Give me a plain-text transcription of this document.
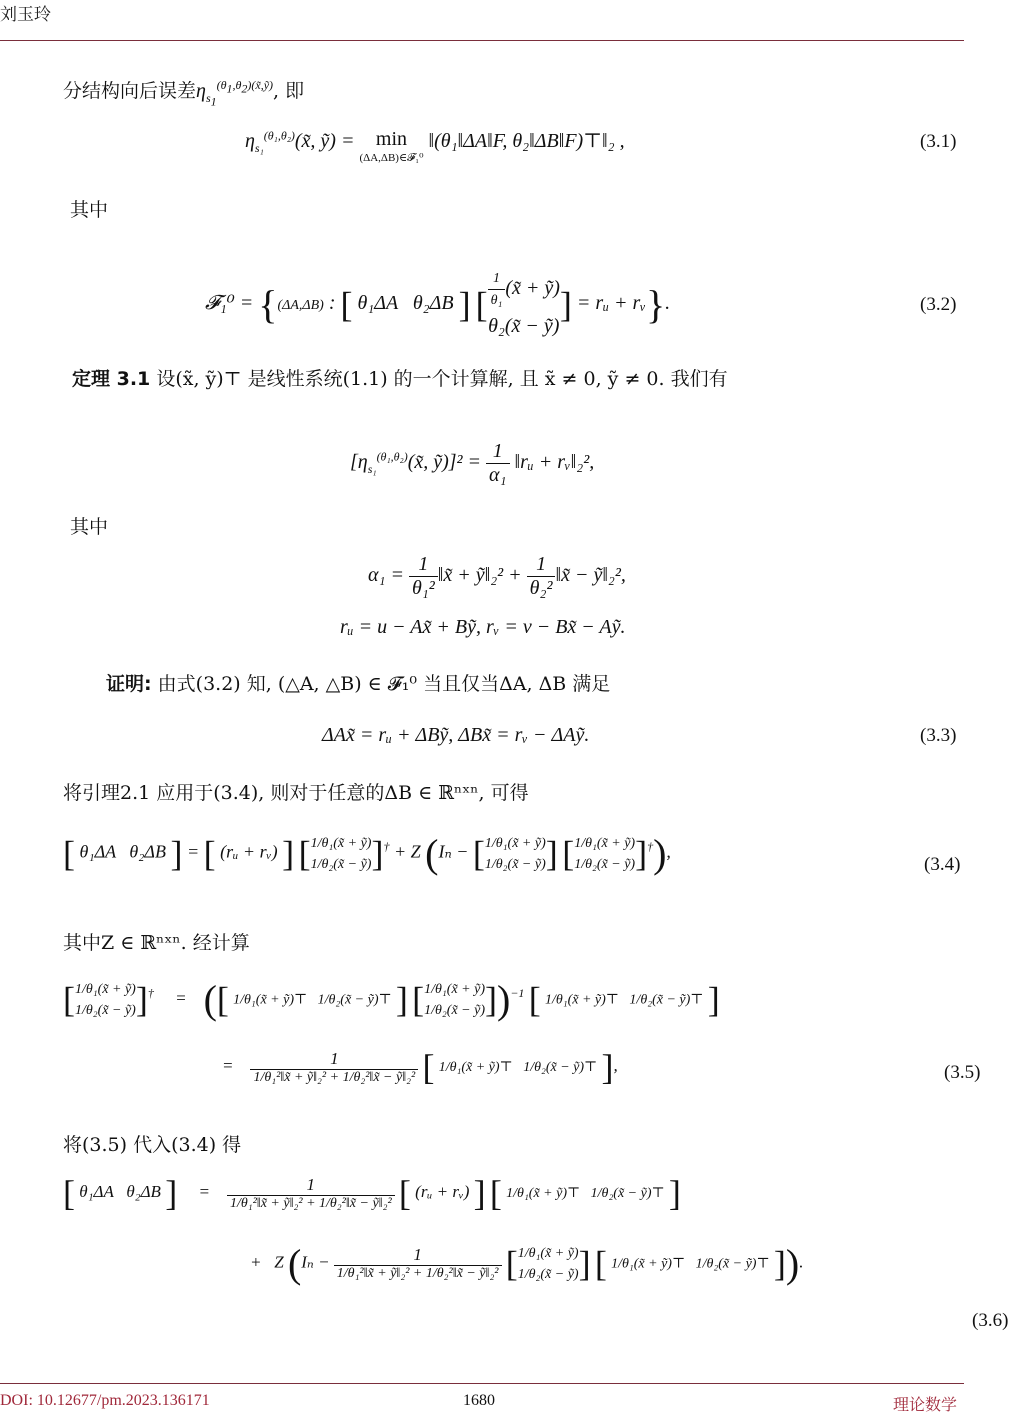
刘玉玲
分结构向后误差$\eta_{s_1}^{(\theta_1,\theta_2)(x̃,ỹ)}$, 即
$\eta_{s_1}^{(\theta_1,\theta_2)}(x̃$, ỹ) = min
(ΔA,ΔB)∈𝓕₁⁰
‖(θ₁‖ΔA‖F, θ₂‖ΔB‖F)⊤‖₂ ,	(3.1)
其中
𝓕₁⁰ = {(ΔA,ΔB) : [ θ₁ΔA   θ₂ΔB ] [ $\frac{1}{\text{θ₁}}$ (x̃ + ỹ)
θ₂(x̃ − ỹ)] = rᵤ + rᵥ}.	(3.2)
定理 3.1 设(x̃, ỹ)⊤ 是线性系统(1.1) 的一个计算解, 且 x̃ ≠ 0, ỹ ≠ 0. 我们有
[$\eta_{s_1}^{(\theta_1,\theta_2)}(x̃$, ỹ)]² = $\frac{1}{\text{α₁}}$ ‖rᵤ + rᵥ‖₂²,
其中
$\alpha_1 = \frac{1}{\text{θ₁²}}$ ‖x̃ + ỹ‖₂² + $\frac{1}{\text{θ₂²}}$ ‖x̃ − ỹ‖₂²,
rᵤ = u − Ax̃ + Bỹ, rᵥ = v − Bx̃ − Aỹ.
证明: 由式(3.2) 知, (△A, △B) ∈ 𝓕₁⁰ 当且仅当ΔA, ΔB 满足
ΔAx̃ = rᵤ + ΔBỹ, ΔBx̃ = rᵥ − ΔAỹ.	(3.3)
将引理2.1 应用于(3.4), 则对于任意的ΔB ∈ ℝⁿˣⁿ, 可得
[ θ₁ΔA   θ₂ΔB ] = [ (rᵤ + rᵥ) ] [1/θ₁(x̃ + ỹ)
1/θ₂(x̃ − ỹ)]† + Z (Iₙ − [1/θ₁(x̃ + ỹ)
1/θ₂(x̃ − ỹ)] [1/θ₁(x̃ + ỹ)
1/θ₂(x̃ − ỹ)]†),
(3.4)
其中Z ∈ ℝⁿˣⁿ. 经计算
[1/θ₁(x̃ + ỹ)
1/θ₂(x̃ − ỹ)]†     =    ([ 1/θ₁(x̃ + ỹ)⊤   1/θ₂(x̃ − ỹ)⊤ ] [1/θ₁(x̃ + ỹ)
1/θ₂(x̃ − ỹ)])$^{-1}$ [ 1/θ₁(x̃ + ỹ)⊤   1/θ₂(x̃ − ỹ)⊤ ]
= $\frac{1}{\text{1/θ₁²‖x̃ + ỹ‖₂² + 1/θ₂²‖x̃ − ỹ‖₂²}}$ [ 1/θ₁(x̃ + ỹ)⊤   1/θ₂(x̃ − ỹ)⊤ ],	(3.5)
将(3.5) 代入(3.4) 得
[ θ₁ΔA   θ₂ΔB ]     = $\frac{1}{\text{1/θ₁²‖x̃ + ỹ‖₂² + 1/θ₂²‖x̃ − ỹ‖₂²}}$ [ (rᵤ + rᵥ) ] [ 1/θ₁(x̃ + ỹ)⊤   1/θ₂(x̃ − ỹ)⊤ ]
+   Z ($I_n - \frac{1}{\text{1/θ₁²‖x̃ + ỹ‖₂² + 1/θ₂²‖x̃ − ỹ‖₂²}}$ [1/θ₁(x̃ + ỹ)
1/θ₂(x̃ − ỹ)] [ 1/θ₁(x̃ + ỹ)⊤   1/θ₂(x̃ − ỹ)⊤ ]).
(3.6)
DOI: 10.12677/pm.2023.136171	1680	理论数学
